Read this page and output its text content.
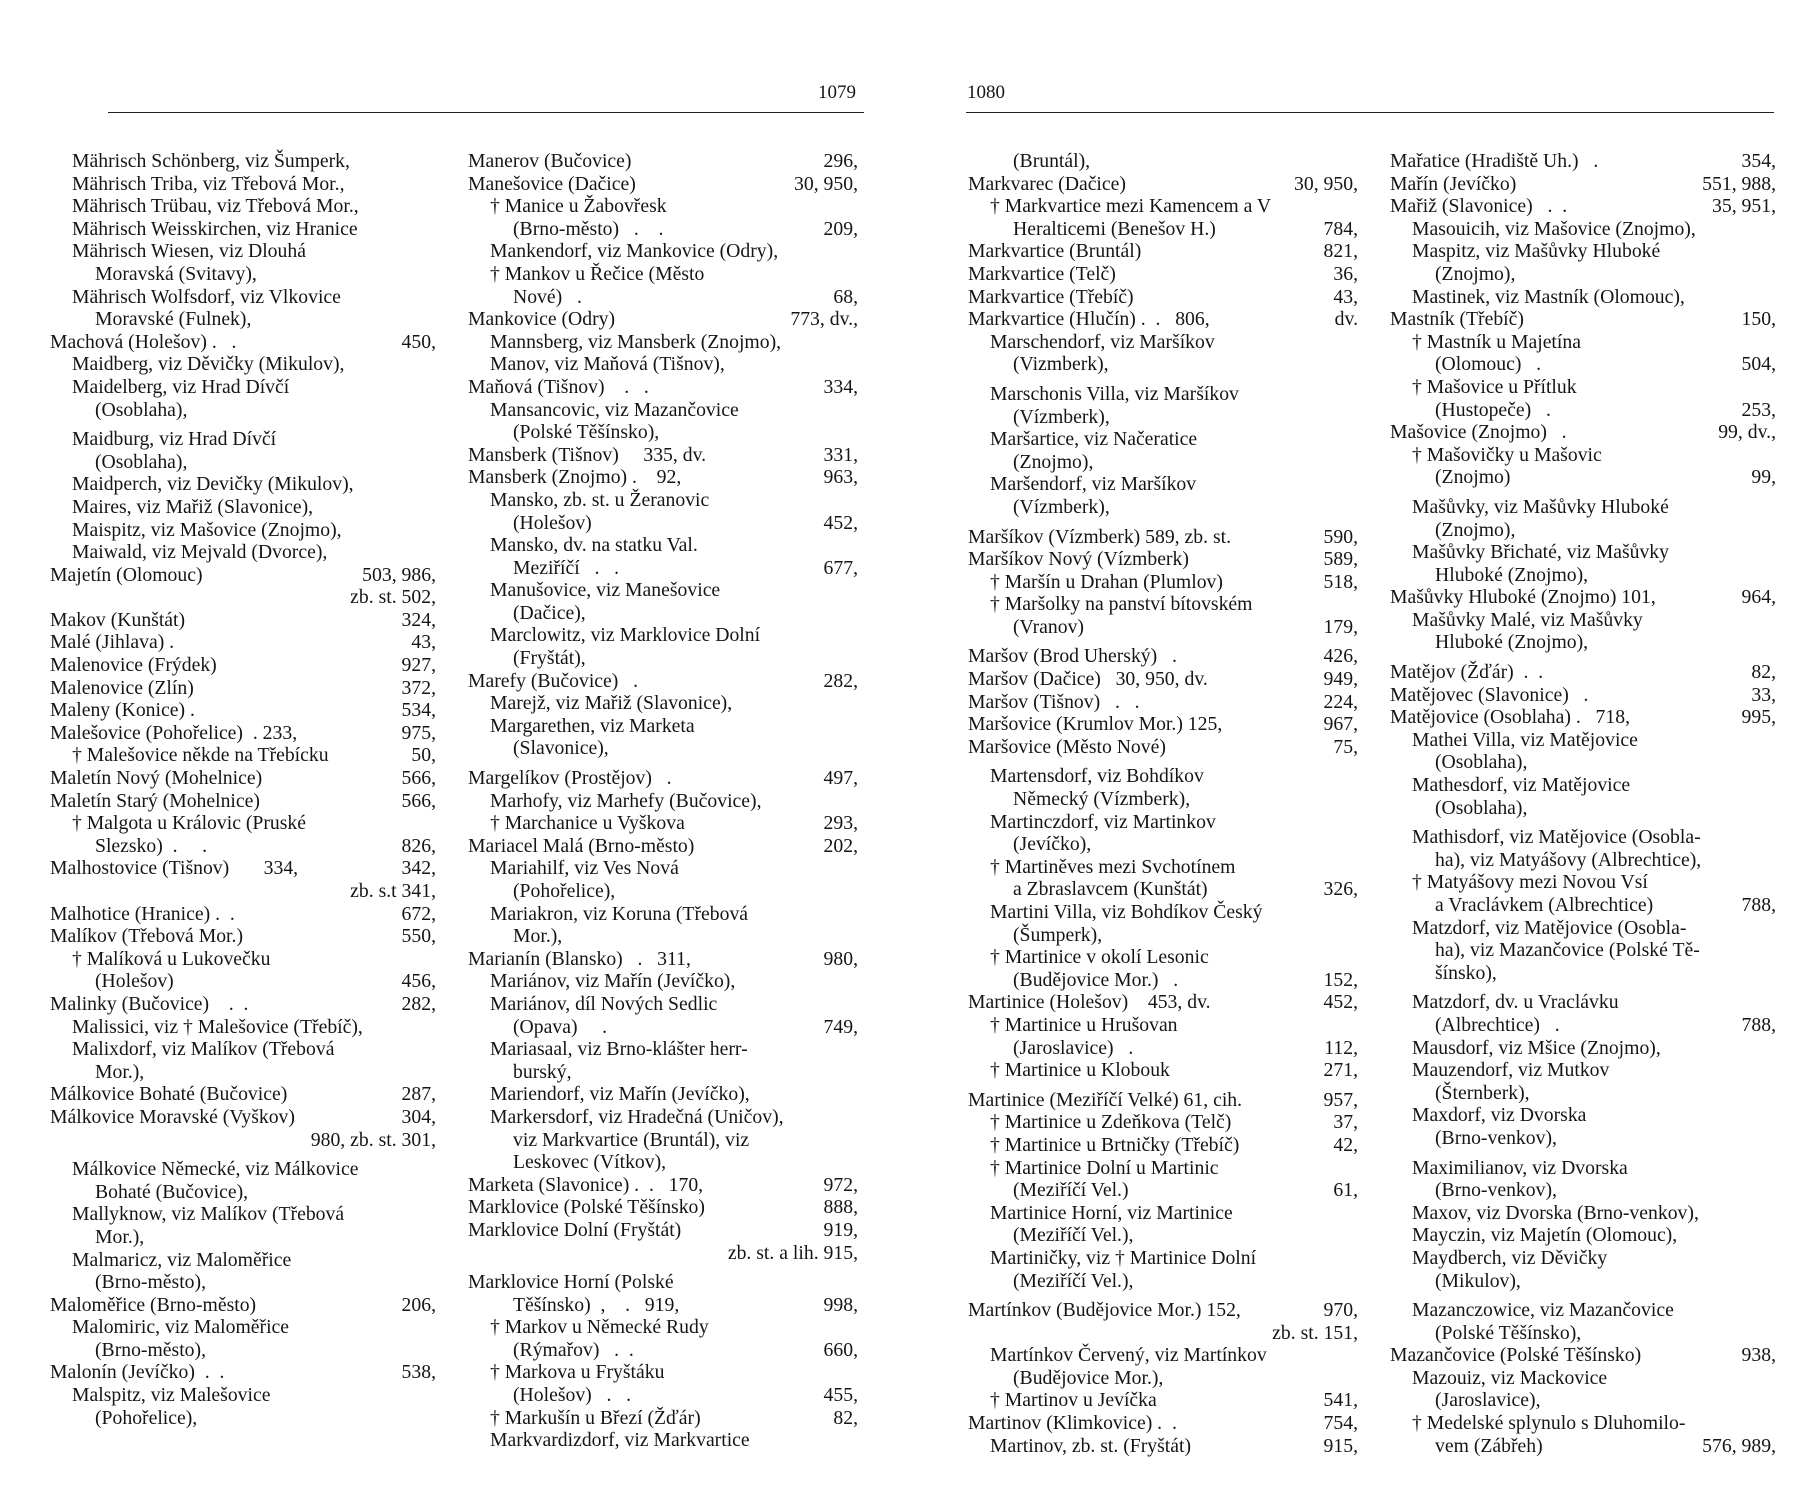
1079	1080
Mährisch Schönberg, viz Šumperk,
Mährisch Triba, viz Třebová Mor.,
Mährisch Trübau, viz Třebová Mor.,
Mährisch Weisskirchen, viz Hranice
Mährisch Wiesen, viz Dlouhá
Moravská (Svitavy),
Mährisch Wolfsdorf, viz Vlkovice
Moravské (Fulnek),
Machová (Holešov) .   .	450,
Maidberg, viz Děvičky (Mikulov),
Maidelberg, viz Hrad Dívčí
(Osoblaha),
Maidburg, viz Hrad Dívčí
(Osoblaha),
Maidperch, viz Devičky (Mikulov),
Maires, viz Mařiž (Slavonice),
Maispitz, viz Mašovice (Znojmo),
Maiwald, viz Mejvald (Dvorce),
Majetín (Olomouc)	503, 986,
zb. st. 502,
Makov (Kunštát)	324,
Malé (Jihlava) .	43,
Malenovice (Frýdek)	927,
Malenovice (Zlín)	372,
Maleny (Konice) .	534,
Malešovice (Pohořelice)  . 233,	975,
† Malešovice někde na Třebícku	50,
Maletín Nový (Mohelnice)	566,
Maletín Starý (Mohelnice)	566,
† Malgota u Královic (Pruské
Slezsko)  .     .	826,
Malhostovice (Tišnov)       334,	342,
zb. s.t 341,
Malhotice (Hranice) .  .	672,
Malíkov (Třebová Mor.)	550,
† Malíková u Lukovečku
(Holešov)	456,
Malinky (Bučovice)    .  .	282,
Malissici, viz † Malešovice (Třebíč),
Malixdorf, viz Malíkov (Třebová
Mor.),
Málkovice Bohaté (Bučovice)	287,
Málkovice Moravské (Vyškov)	304,
980, zb. st. 301,
Málkovice Německé, viz Málkovice
Bohaté (Bučovice),
Mallyknow, viz Malíkov (Třebová
Mor.),
Malmaricz, viz Maloměřice
(Brno-město),
Maloměřice (Brno-město)	206,
Malomiric, viz Maloměřice
(Brno-město),
Malonín (Jevíčko)  .  .	538,
Malspitz, viz Malešovice
(Pohořelice),
Manerov (Bučovice)	296,
Manešovice (Dačice)	30, 950,
† Manice u Žabovřesk
(Brno-město)   .    .	209,
Mankendorf, viz Mankovice (Odry),
† Mankov u Řečice (Město
Nové)   .	68,
Mankovice (Odry)	773, dv.,
Mannsberg, viz Mansberk (Znojmo),
Manov, viz Maňová (Tišnov),
Maňová (Tišnov)    .   .	334,
Mansancovic, viz Mazančovice
(Polské Těšínsko),
Mansberk (Tišnov)     335, dv.	331,
Mansberk (Znojmo) .    92,	963,
Mansko, zb. st. u Žeranovic
(Holešov)	452,
Mansko, dv. na statku Val.
Meziříčí   .   .	677,
Manušovice, viz Manešovice
(Dačice),
Marclowitz, viz Marklovice Dolní
(Fryštát),
Marefy (Bučovice)   .	282,
Marejž, viz Mařiž (Slavonice),
Margarethen, viz Marketa
(Slavonice),
Margelíkov (Prostějov)   .	497,
Marhofy, viz Marhefy (Bučovice),
† Marchanice u Vyškova	293,
Mariacel Malá (Brno-město)	202,
Mariahilf, viz Ves Nová
(Pohořelice),
Mariakron, viz Koruna (Třebová
Mor.),
Marianín (Blansko)   .   311,	980,
Mariánov, viz Mařín (Jevíčko),
Mariánov, díl Nových Sedlic
(Opava)     .	749,
Mariasaal, viz Brno-klášter herr-
burský,
Mariendorf, viz Mařín (Jevíčko),
Markersdorf, viz Hradečná (Uničov),
viz Markvartice (Bruntál), viz
Leskovec (Vítkov),
Marketa (Slavonice) .  .   170,	972,
Marklovice (Polské Těšínsko)	888,
Marklovice Dolní (Fryštát)	919,
zb. st. a lih. 915,
Marklovice Horní (Polské
Těšínsko)  ,    .   919,	998,
† Markov u Německé Rudy
(Rýmařov)   .  .	660,
† Markova u Fryštáku
(Holešov)   .   .	455,
† Markušín u Březí (Žďár)	82,
Markvardizdorf, viz Markvartice
(Bruntál),
Markvarec (Dačice)	30, 950,
† Markvartice mezi Kamencem a V
Heralticemi (Benešov H.)	784,
Markvartice (Bruntál)	821,
Markvartice (Telč)	36,
Markvartice (Třebíč)	43,
Markvartice (Hlučín) .  .   806,	dv.
Marschendorf, viz Maršíkov
(Vizmberk),
Marschonis Villa, viz Maršíkov
(Vízmberk),
Maršartice, viz Načeratice
(Znojmo),
Maršendorf, viz Maršíkov
(Vízmberk),
Maršíkov (Vízmberk) 589, zb. st.	590,
Maršíkov Nový (Vízmberk)	589,
† Maršín u Drahan (Plumlov)	518,
† Maršolky na panství bítovském
(Vranov)	179,
Maršov (Brod Uherský)   .	426,
Maršov (Dačice)   30, 950, dv.	949,
Maršov (Tišnov)   .   .	224,
Maršovice (Krumlov Mor.) 125,	967,
Maršovice (Město Nové)	75,
Martensdorf, viz Bohdíkov
Německý (Vízmberk),
Martinczdorf, viz Martinkov
(Jevíčko),
† Martiněves mezi Svchotínem
a Zbraslavcem (Kunštát)	326,
Martini Villa, viz Bohdíkov Český
(Šumperk),
† Martinice v okolí Lesonic
(Budějovice Mor.)   .	152,
Martinice (Holešov)    453, dv.	452,
† Martinice u Hrušovan
(Jaroslavice)   .	112,
† Martinice u Klobouk	271,
Martinice (Meziříčí Velké) 61, cih.	957,
† Martinice u Zdeňkova (Telč)	37,
† Martinice u Brtničky (Třebíč)	42,
† Martinice Dolní u Martinic
(Meziříčí Vel.)	61,
Martinice Horní, viz Martinice
(Meziříčí Vel.),
Martiničky, viz † Martinice Dolní
(Meziříčí Vel.),
Martínkov (Budějovice Mor.) 152,	970,
zb. st. 151,
Martínkov Červený, viz Martínkov
(Budějovice Mor.),
† Martinov u Jevíčka	541,
Martinov (Klimkovice) .  .	754,
Martinov, zb. st. (Fryštát)	915,
Mařatice (Hradiště Uh.)   .	354,
Mařín (Jevíčko)	551, 988,
Mařiž (Slavonice)   .  .	35, 951,
Masouicih, viz Mašovice (Znojmo),
Maspitz, viz Mašůvky Hluboké
(Znojmo),
Mastinek, viz Mastník (Olomouc),
Mastník (Třebíč)	150,
† Mastník u Majetína
(Olomouc)   .	504,
† Mašovice u Přítluk
(Hustopeče)   .	253,
Mašovice (Znojmo)   .	99, dv.,
† Mašovičky u Mašovic
(Znojmo)	99,
Mašůvky, viz Mašůvky Hluboké
(Znojmo),
Mašůvky Břichaté, viz Mašůvky
Hluboké (Znojmo),
Mašůvky Hluboké (Znojmo) 101,	964,
Mašůvky Malé, viz Mašůvky
Hluboké (Znojmo),
Matějov (Žďár)  .  .	82,
Matějovec (Slavonice)   .	33,
Matějovice (Osoblaha) .   718,	995,
Mathei Villa, viz Matějovice
(Osoblaha),
Mathesdorf, viz Matějovice
(Osoblaha),
Mathisdorf, viz Matějovice (Osobla-
ha), viz Matyášovy (Albrechtice),
† Matyášovy mezi Novou Vsí
a Vraclávkem (Albrechtice)	788,
Matzdorf, viz Matějovice (Osobla-
ha), viz Mazančovice (Polské Tě-
šínsko),
Matzdorf, dv. u Vraclávku
(Albrechtice)   .	788,
Mausdorf, viz Mšice (Znojmo),
Mauzendorf, viz Mutkov
(Šternberk),
Maxdorf, viz Dvorska
(Brno-venkov),
Maximilianov, viz Dvorska
(Brno-venkov),
Maxov, viz Dvorska (Brno-venkov),
Mayczin, viz Majetín (Olomouc),
Maydberch, viz Děvičky
(Mikulov),
Mazanczowice, viz Mazančovice
(Polské Těšínsko),
Mazančovice (Polské Těšínsko)	938,
Mazouiz, viz Mackovice
(Jaroslavice),
† Medelské splynulo s Dluhomilo-
vem (Zábřeh)	576, 989,
